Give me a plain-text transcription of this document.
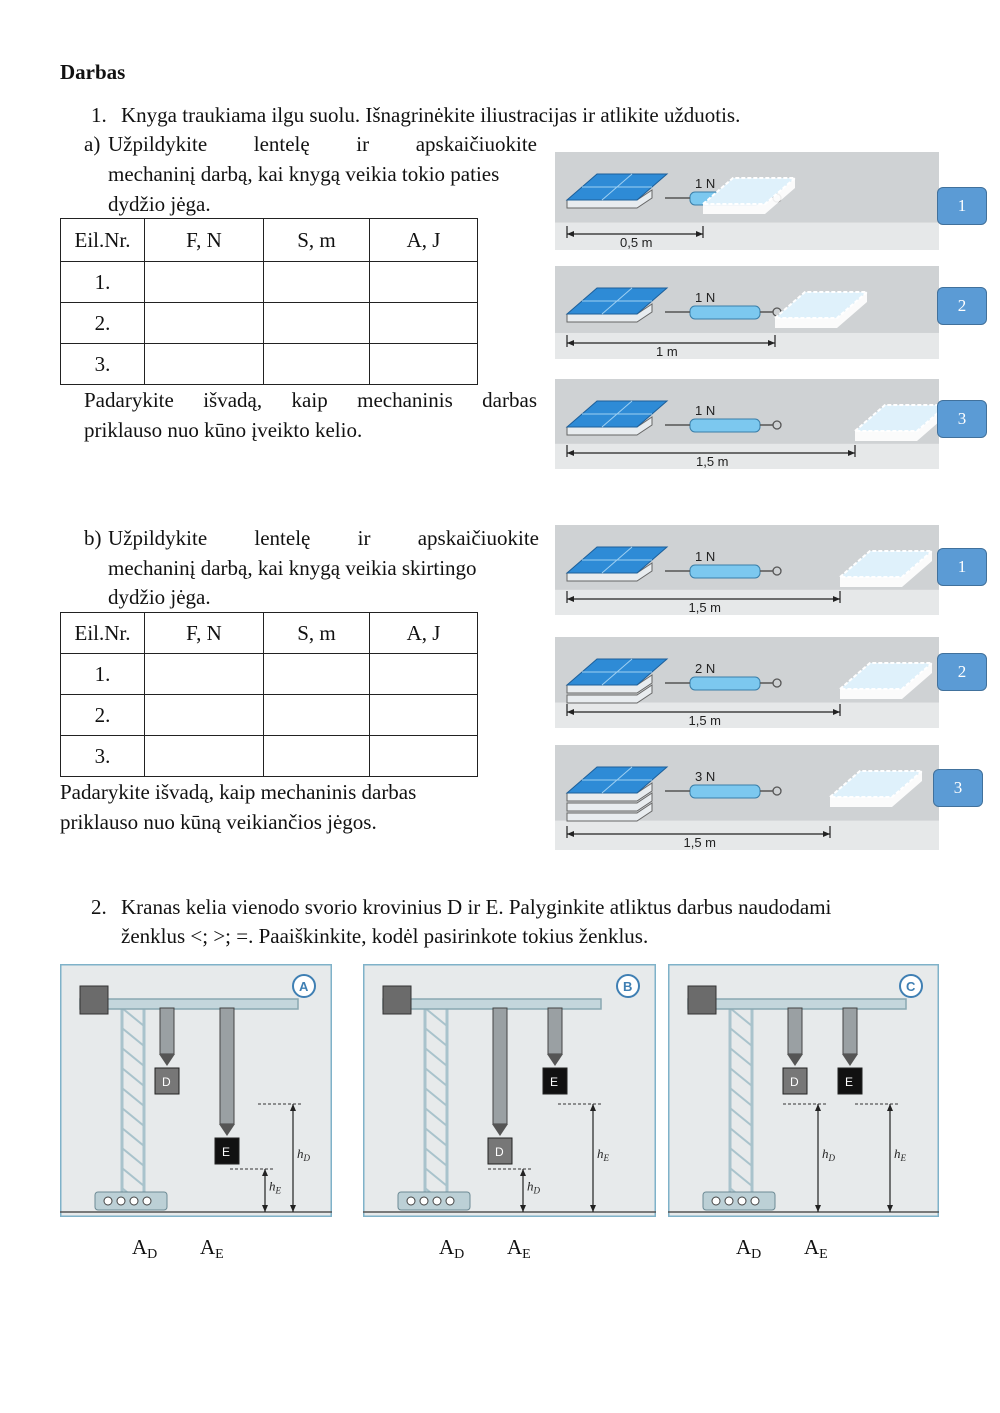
Darbas
1. Knyga traukiama ilgu suolu. Išnagrinėkite iliustracijas ir atlikite užduotis.
a) Užpildykite lentelę ir apskaičiuokite
mechaninį darbą, kai knygą veikia tokio paties
dydžio jėga.
Eil.Nr.	F, N	S, m	A, J
1.			
2.			
3.			
Padarykite išvadą, kaip mechaninis darbas
priklauso nuo kūno įveikto kelio.
1 N
0,5 m
1
1 N
1 m
2
1 N
1,5 m
3
b) Užpildykite lentelę ir apskaičiuokite
mechaninį darbą, kai knygą veikia skirtingo
dydžio jėga.
Eil.Nr.	F, N	S, m	A, J
1.			
2.			
3.			
Padarykite išvadą, kaip mechaninis darbas
priklauso nuo kūną veikiančios jėgos.
1 N
1,5 m
1
2 N
1,5 m
2
3 N
1,5 m
3
2. Kranas kelia vienodo svorio krovinius D ir E. Palyginkite atliktus darbus naudodami
ženklus <; >; =. Paaiškinkite, kodėl pasirinkote tokius ženklus.
A
D
E	$h_D$
$h_E$
B
D
E
$h_D$
$h_E$
C
D	E
$h_D$	$h_E$
$A_D$ $A_E$	$A_D$ $A_E$	$A_D$ $A_E$
